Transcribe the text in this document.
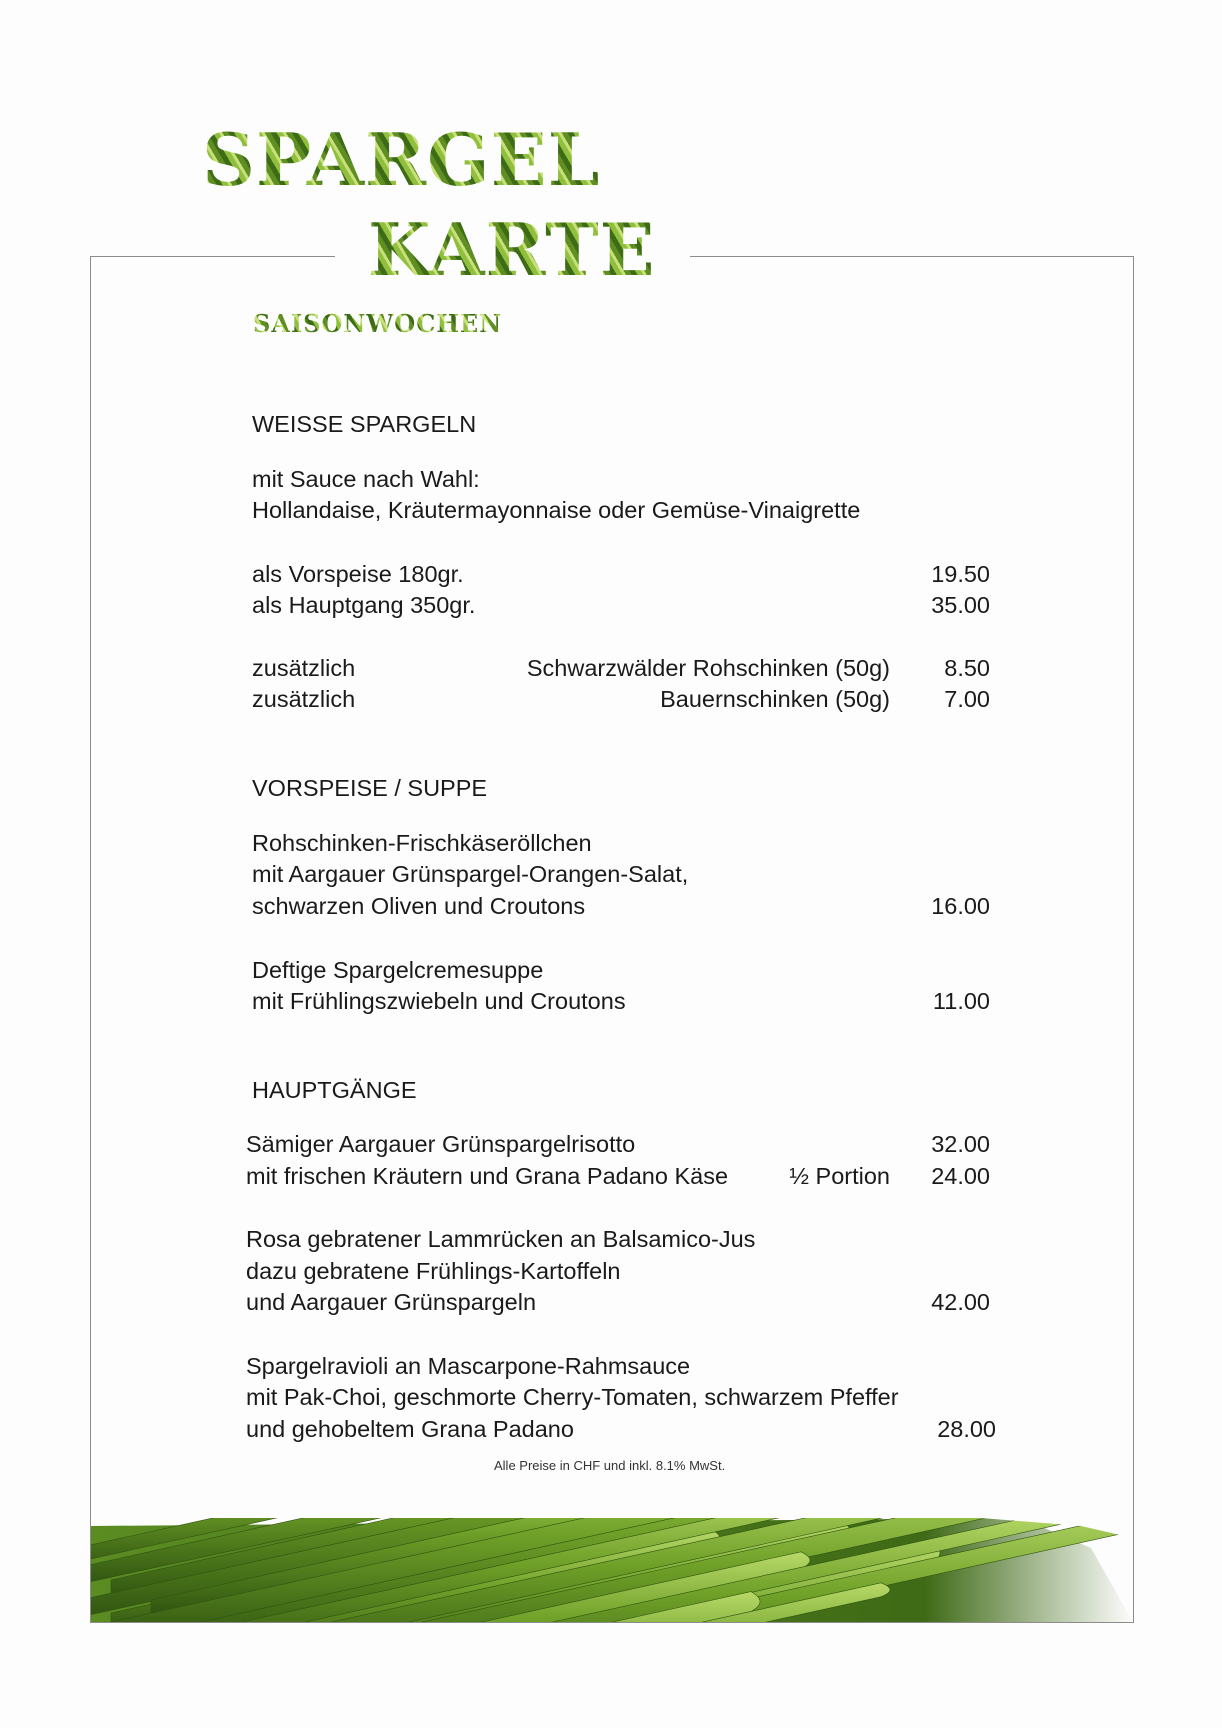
SPARGEL
KARTE
SAISONWOCHEN
WEISSE SPARGELN
mit Sauce nach Wahl:
Hollandaise, Kräutermayonnaise oder Gemüse-Vinaigrette
als Vorspeise 180gr.	19.50
als Hauptgang 350gr.	35.00
zusätzlich	Schwarzwälder Rohschinken (50g)	8.50
zusätzlich	Bauernschinken (50g)	7.00
VORSPEISE / SUPPE
Rohschinken-Frischkäseröllchen
mit Aargauer Grünspargel-Orangen-Salat,
schwarzen Oliven und Croutons	16.00
Deftige Spargelcremesuppe
mit Frühlingszwiebeln und Croutons	11.00
HAUPTGÄNGE
Sämiger Aargauer Grünspargelrisotto	32.00
mit frischen Kräutern und Grana Padano Käse	½ Portion	24.00
Rosa gebratener Lammrücken an Balsamico-Jus
dazu gebratene Frühlings-Kartoffeln
und Aargauer Grünspargeln	42.00
Spargelravioli an Mascarpone-Rahmsauce
mit Pak-Choi, geschmorte Cherry-Tomaten, schwarzem Pfeffer
und gehobeltem Grana Padano	28.00
Alle Preise in CHF und inkl. 8.1% MwSt.
